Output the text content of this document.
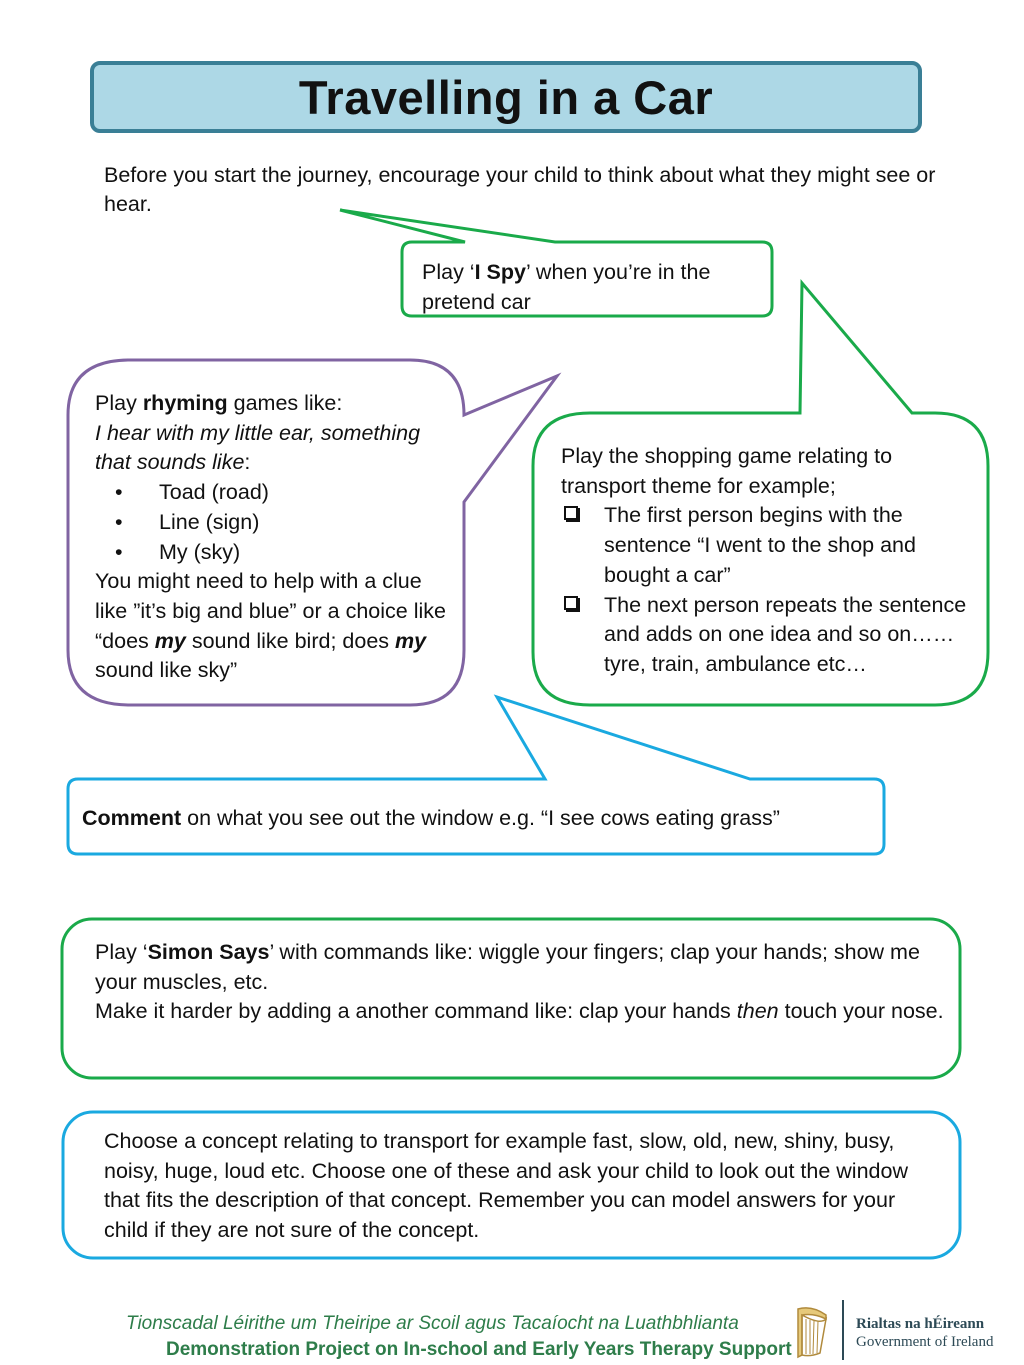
Travelling in a Car
Before you start the journey, encourage your child to think about what they might see or hear.
Play ‘I Spy’ when you’re in the pretend car
Play rhyming games like:
I hear with my little ear, something that sounds like:
• Toad (road)
• Line (sign)
• My (sky)
You might need to help with a clue like ”it’s big and blue” or a choice like “does my sound like bird; does my sound like sky”
Play the shopping game relating to transport theme for example;
The first person begins with the sentence “I went to the shop and bought a car”
The next person repeats the sentence and adds on one idea and so on…… tyre, train, ambulance etc…
Comment on what you see out the window e.g. “I see cows eating grass”
Play ‘Simon Says’ with commands like: wiggle your fingers; clap your hands; show me your muscles, etc.
Make it harder by adding a another command like: clap your hands then touch your nose.
Choose a concept relating to transport for example fast, slow, old, new, shiny, busy, noisy, huge, loud etc. Choose one of these and ask your child to look out the window that fits the description of that concept. Remember you can model answers for your child if they are not sure of the concept.
Tionscadal Léirithe um Theiripe ar Scoil agus Tacaíocht na Luathbhlianta
Demonstration Project on In-school and Early Years Therapy Support
Rialtas na hÉireann
Government of Ireland
